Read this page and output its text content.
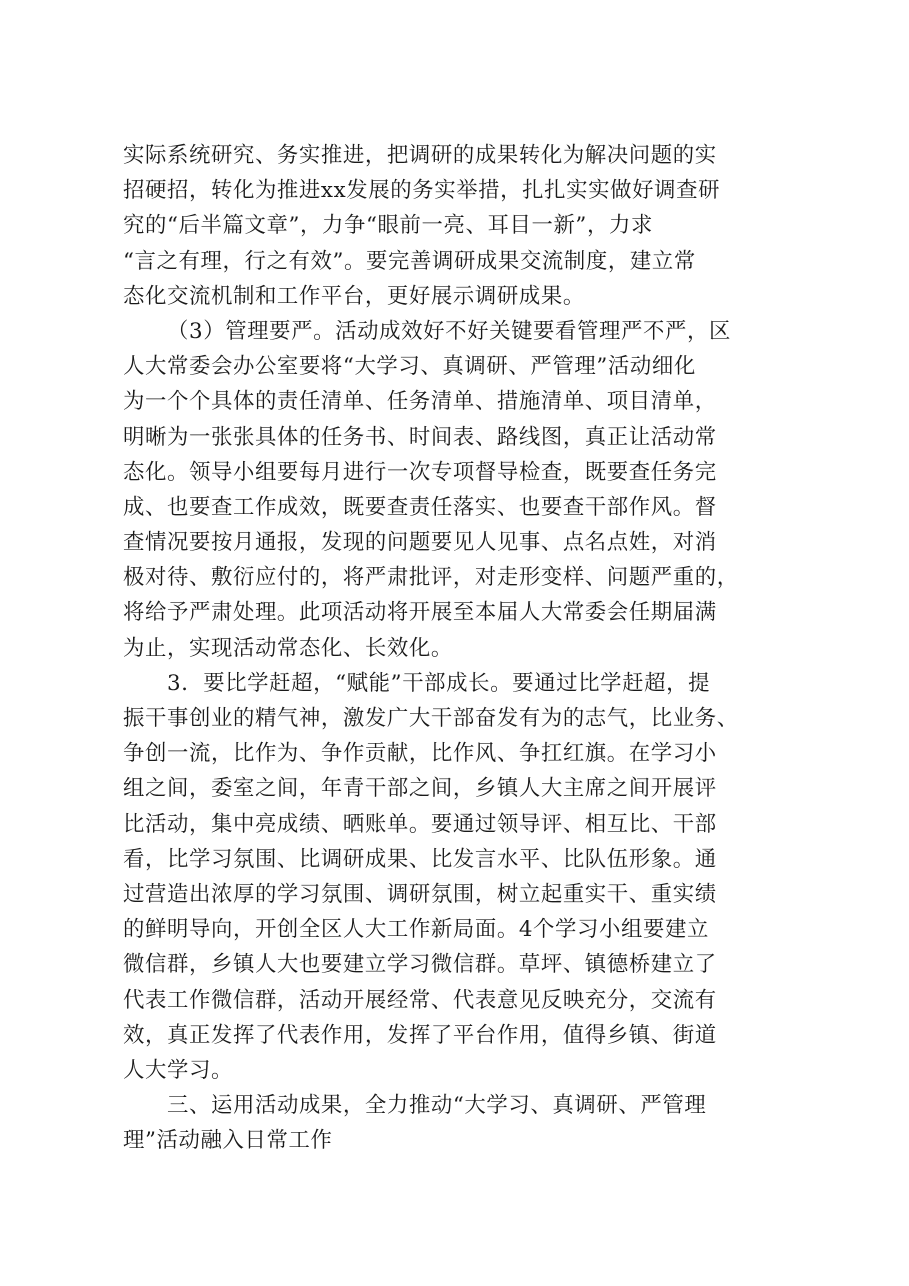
实际系统研究、务实推进，把调研的成果转化为解决问题的实
招硬招，转化为推进xx发展的务实举措，扎扎实实做好调查研
究的“后半篇文章”，力争“眼前一亮、耳目一新”，力求
“言之有理，行之有效”。要完善调研成果交流制度，建立常
态化交流机制和工作平台，更好展示调研成果。
（3）管理要严。活动成效好不好关键要看管理严不严，区
人大常委会办公室要将“大学习、真调研、严管理”活动细化
为一个个具体的责任清单、任务清单、措施清单、项目清单，
明晰为一张张具体的任务书、时间表、路线图，真正让活动常
态化。领导小组要每月进行一次专项督导检查，既要查任务完
成、也要查工作成效，既要查责任落实、也要查干部作风。督
查情况要按月通报，发现的问题要见人见事、点名点姓，对消
极对待、敷衍应付的，将严肃批评，对走形变样、问题严重的，
将给予严肃处理。此项活动将开展至本届人大常委会任期届满
为止，实现活动常态化、长效化。
3．要比学赶超，“赋能”干部成长。要通过比学赶超，提
振干事创业的精气神，激发广大干部奋发有为的志气，比业务、
争创一流，比作为、争作贡献，比作风、争扛红旗。在学习小
组之间，委室之间，年青干部之间，乡镇人大主席之间开展评
比活动，集中亮成绩、晒账单。要通过领导评、相互比、干部
看，比学习氛围、比调研成果、比发言水平、比队伍形象。通
过营造出浓厚的学习氛围、调研氛围，树立起重实干、重实绩
的鲜明导向，开创全区人大工作新局面。4个学习小组要建立
微信群，乡镇人大也要建立学习微信群。草坪、镇德桥建立了
代表工作微信群，活动开展经常、代表意见反映充分，交流有
效，真正发挥了代表作用，发挥了平台作用，值得乡镇、街道
人大学习。
三、运用活动成果，全力推动“大学习、真调研、严管理
理”活动融入日常工作
